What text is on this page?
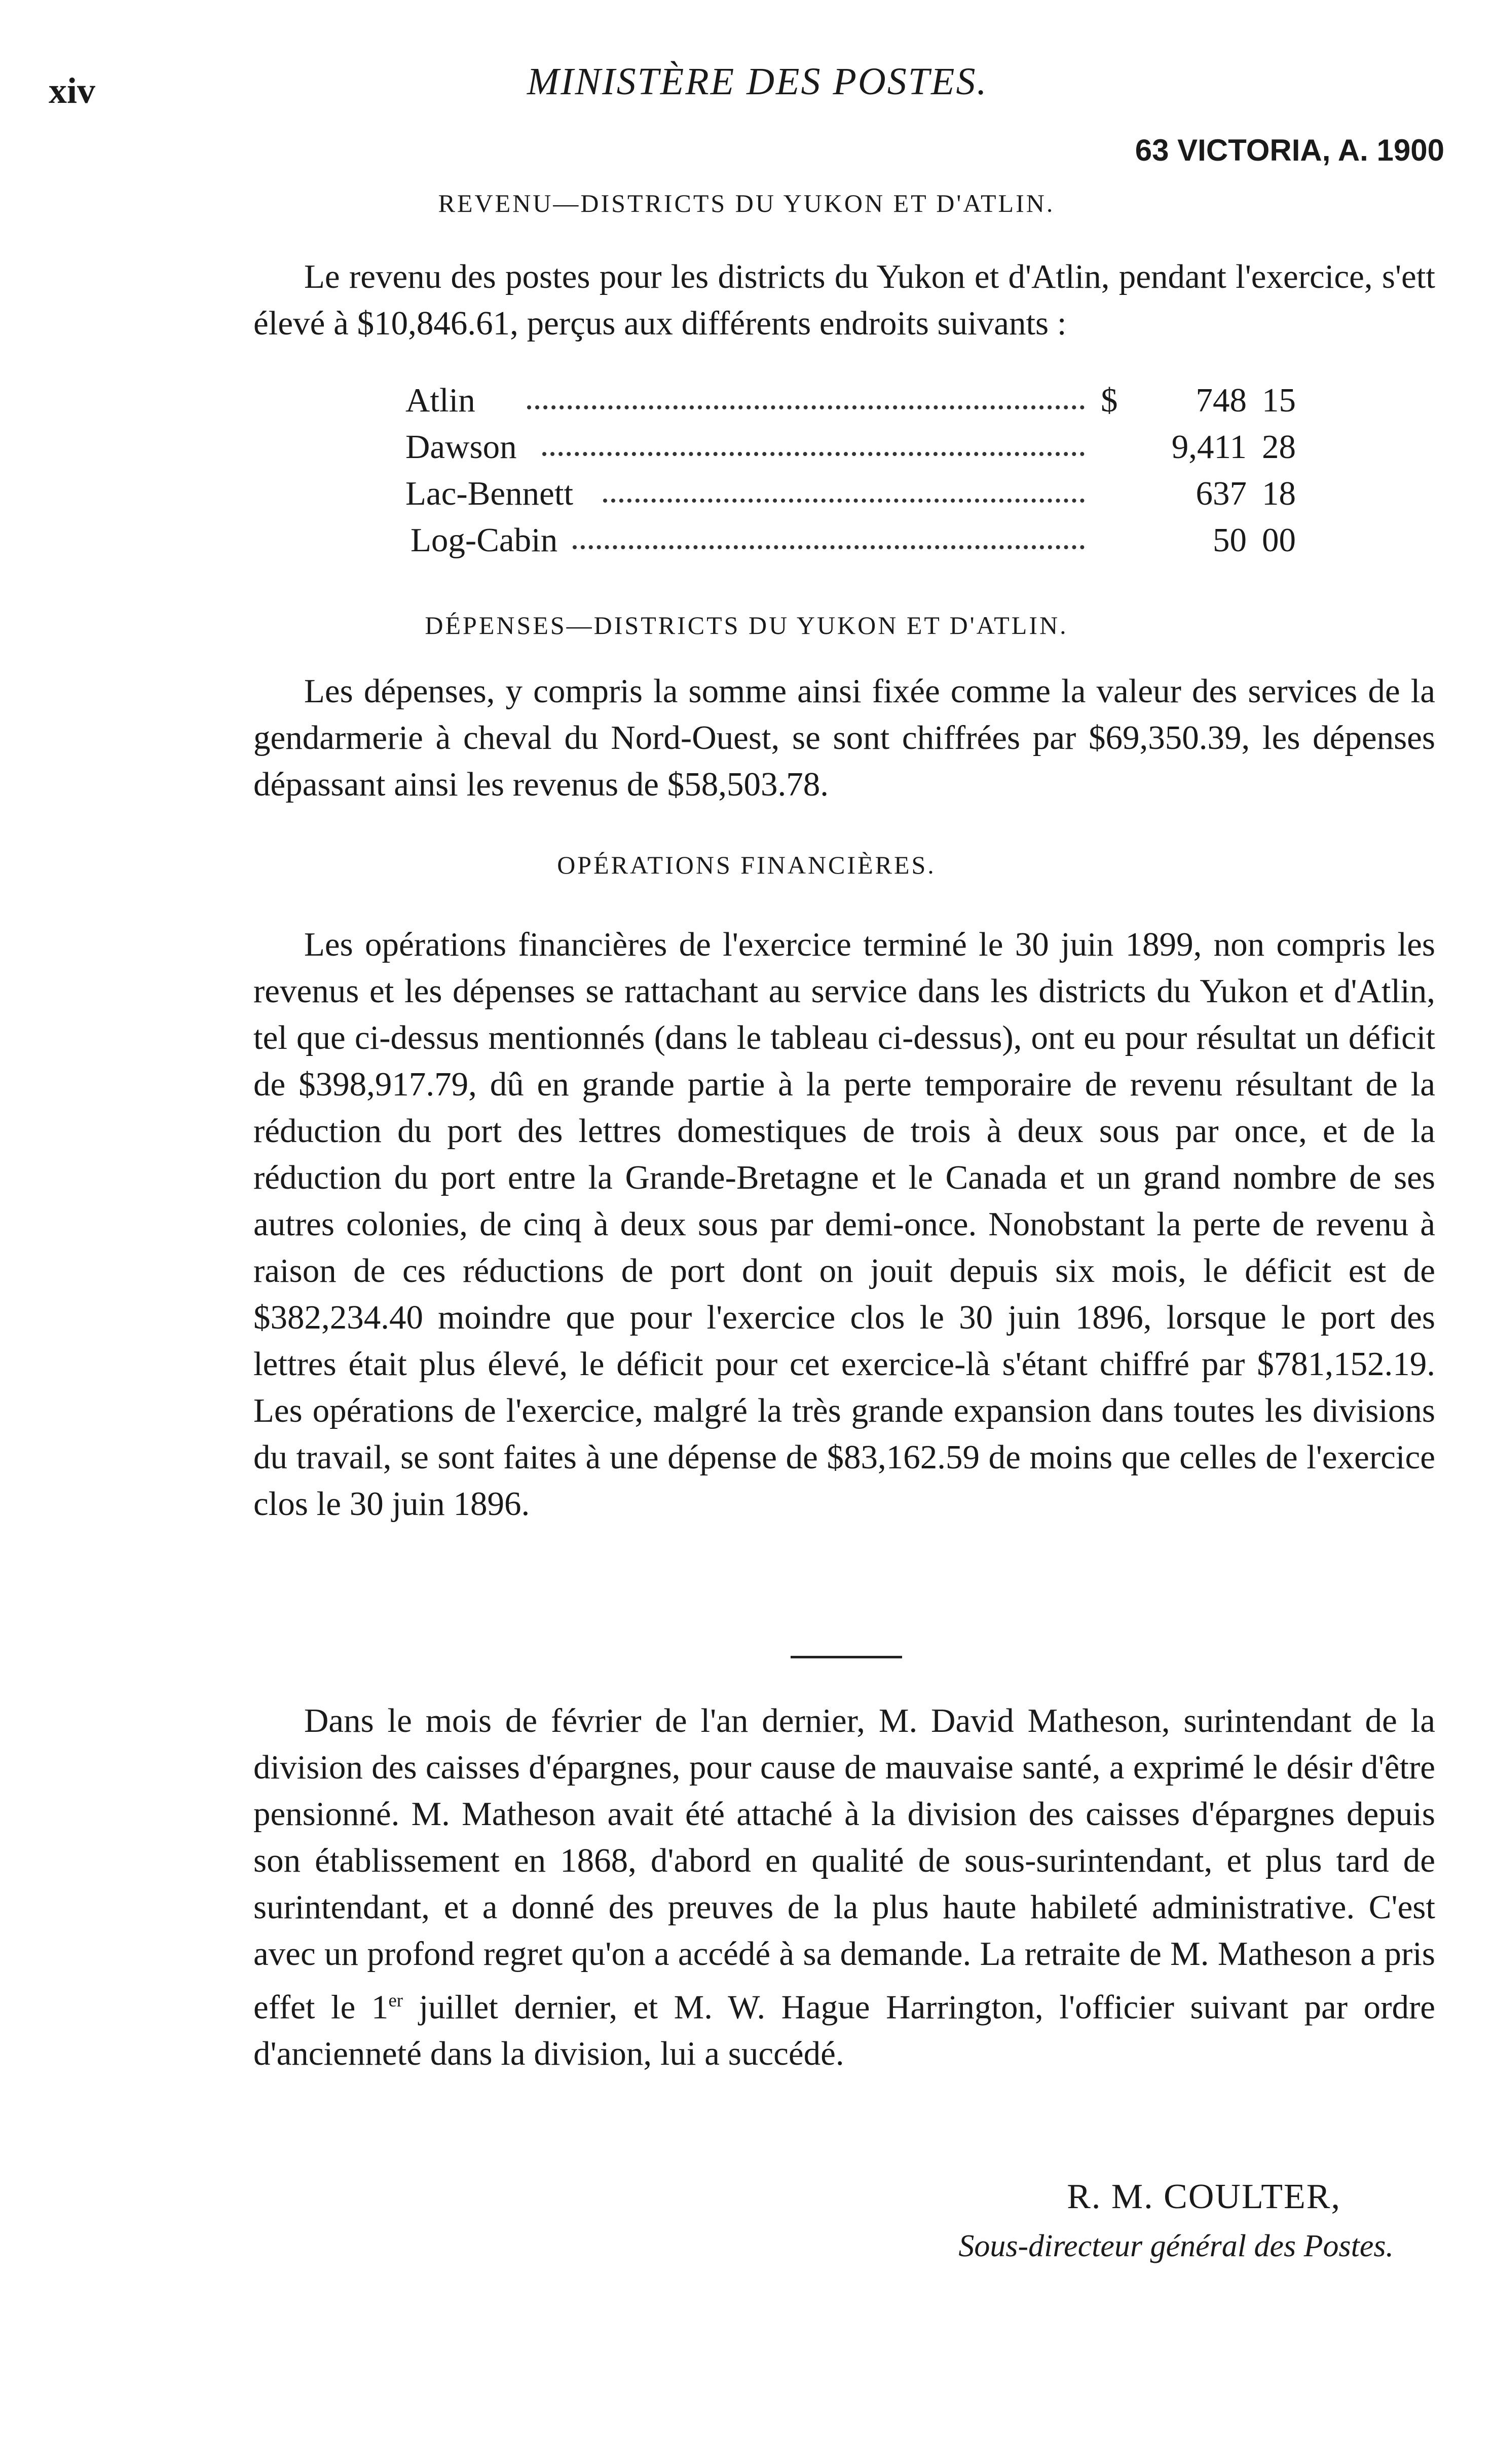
xiv	MINISTÈRE DES POSTES.
63 VICTORIA, A. 1900
REVENU—DISTRICTS DU YUKON ET D'ATLIN.

Le revenu des postes pour les districts du Yukon et d'Atlin, pendant l'exercice, s'ett élevé à $10,846.61, perçus aux différents endroits suivants :

Atlin	$	748 15
Dawson	9,411 28
Lac-Bennett	637 18
Log-Cabin	50 00
DÉPENSES—DISTRICTS DU YUKON ET D'ATLIN.

Les dépenses, y compris la somme ainsi fixée comme la valeur des services de la gendarmerie à cheval du Nord-Ouest, se sont chiffrées par $69,350.39, les dépenses dépassant ainsi les revenus de $58,503.78.

OPÉRATIONS FINANCIÈRES.

Les opérations financières de l'exercice terminé le 30 juin 1899, non compris les revenus et les dépenses se rattachant au service dans les districts du Yukon et d'Atlin, tel que ci-dessus mentionnés (dans le tableau ci-dessus), ont eu pour résultat un déficit de $398,917.79, dû en grande partie à la perte temporaire de revenu résultant de la réduction du port des lettres domestiques de trois à deux sous par once, et de la réduction du port entre la Grande-Bretagne et le Canada et un grand nombre de ses autres colonies, de cinq à deux sous par demi-once. Nonobstant la perte de revenu à raison de ces réductions de port dont on jouit depuis six mois, le déficit est de $382,234.40 moindre que pour l'exercice clos le 30 juin 1896, lorsque le port des lettres était plus élevé, le déficit pour cet exercice-là s'étant chiffré par $781,152.19. Les opérations de l'exercice, malgré la très grande expansion dans toutes les divisions du travail, se sont faites à une dépense de $83,162.59 de moins que celles de l'exercice clos le 30 juin 1896.

Dans le mois de février de l'an dernier, M. David Matheson, surintendant de la division des caisses d'épargnes, pour cause de mauvaise santé, a exprimé le désir d'être pensionné. M. Matheson avait été attaché à la division des caisses d'épargnes depuis son établissement en 1868, d'abord en qualité de sous-surintendant, et plus tard de surintendant, et a donné des preuves de la plus haute habileté administrative. C'est avec un profond regret qu'on a accédé à sa demande. La retraite de M. Matheson a pris effet le 1er juillet dernier, et M. W. Hague Harrington, l'officier suivant par ordre d'ancienneté dans la division, lui a succédé.

R. M. COULTER,
Sous-directeur général des Postes.
